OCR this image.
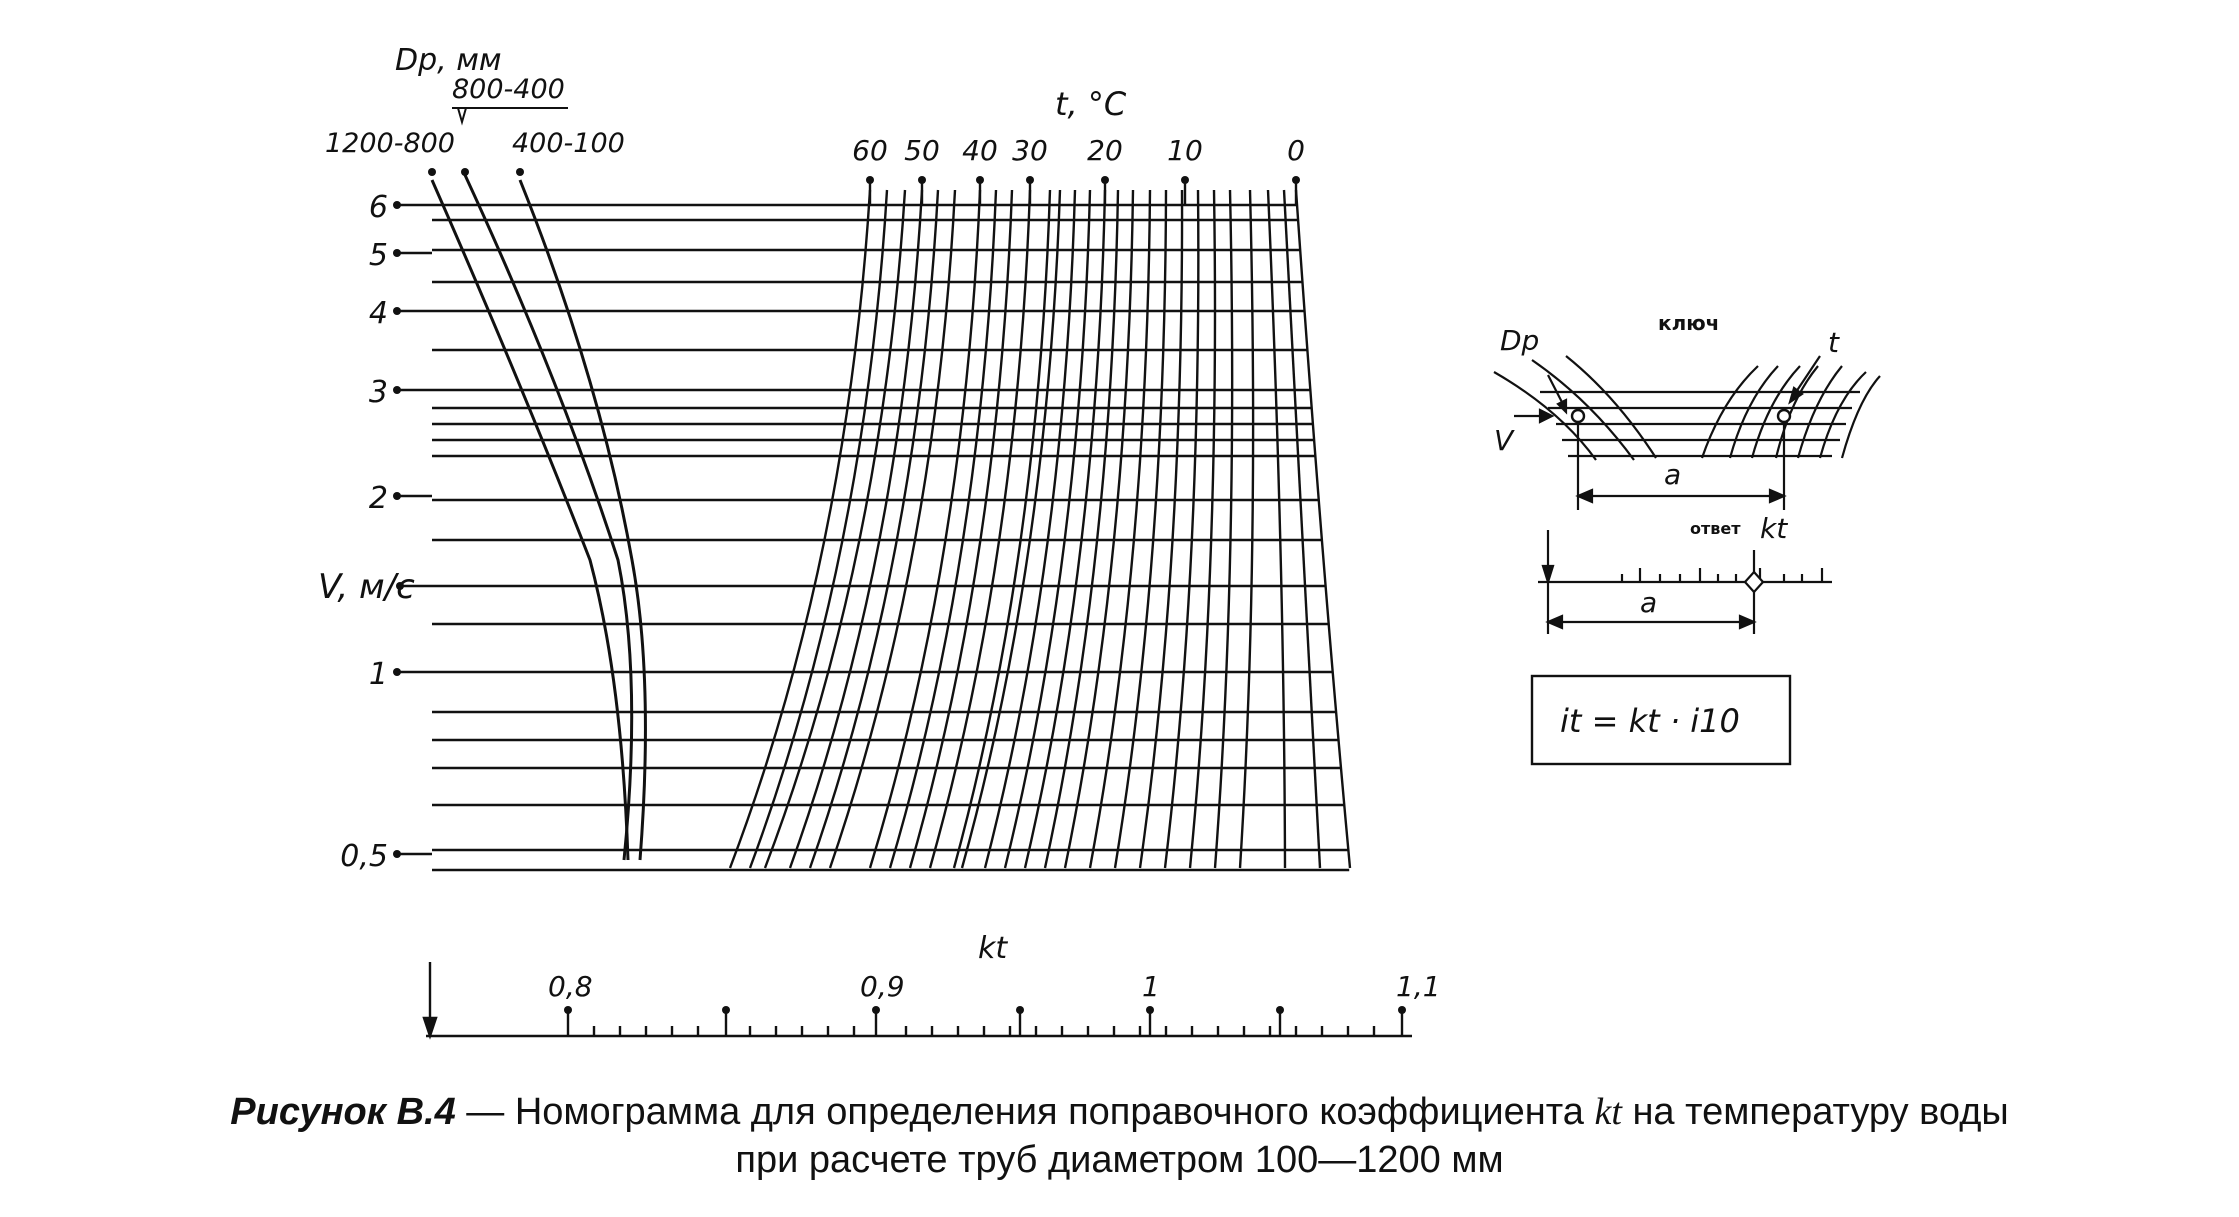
6
5
4
3
2
1
0,5
60 50 40 30 20 10	0
Dp, мм
1200-800
800-400
400-100
t, °C
V, м/с
kt
0,8	0,9	1	1,1
ключ
Dp
V
t
a
ответ kt
a
it = kt · i10
Рисунок В.4 — Номограмма для определения поправочного коэффициента kt на температуру воды
при расчете труб диаметром 100—1200 мм
